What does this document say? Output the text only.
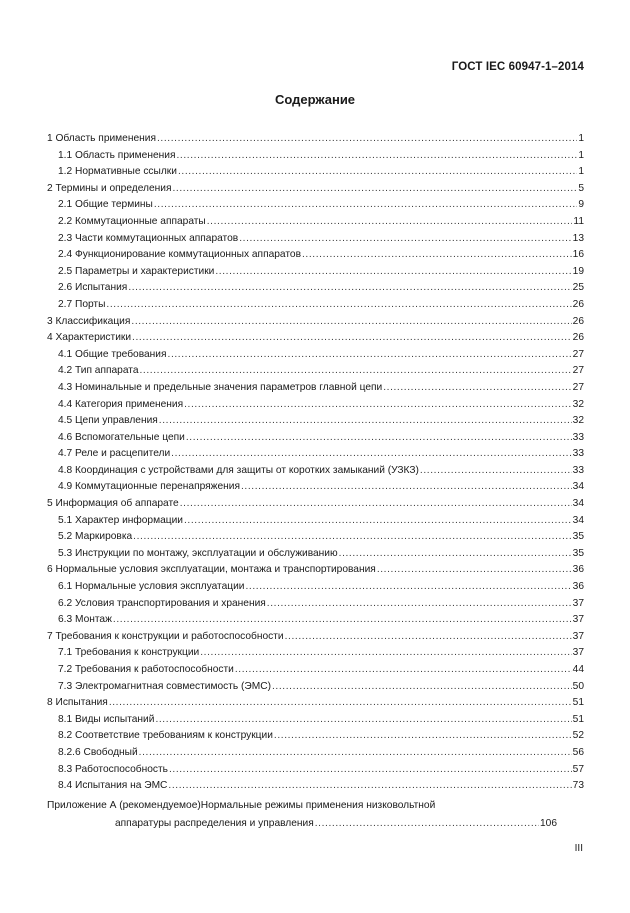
ГОСТ IEC 60947-1–2014
Содержание
1 Область применения .....	1
1.1 Область применения .....	1
1.2 Нормативные ссылки .....	1
2 Термины и определения .....	5
2.1 Общие термины .....	9
2.2 Коммутационные аппараты .....	11
2.3 Части коммутационных аппаратов .....	13
2.4 Функционирование коммутационных аппаратов .....	16
2.5 Параметры и характеристики .....	19
2.6 Испытания .....	25
2.7 Порты .....	26
3 Классификация .....	26
4 Характеристики .....	26
4.1 Общие требования .....	27
4.2 Тип аппарата .....	27
4.3 Номинальные и предельные значения параметров главной цепи .....	27
4.4 Категория применения .....	32
4.5 Цепи управления .....	32
4.6 Вспомогательные цепи .....	33
4.7 Реле и расцепители .....	33
4.8 Координация с устройствами для защиты от коротких замыканий (УЗКЗ) .....	33
4.9 Коммутационные перенапряжения .....	34
5 Информация об аппарате .....	34
5.1 Характер информации .....	34
5.2 Маркировка .....	35
5.3 Инструкции по монтажу, эксплуатации и обслуживанию .....	35
6 Нормальные условия эксплуатации, монтажа и транспортирования .....	36
6.1 Нормальные условия эксплуатации .....	36
6.2 Условия транспортирования и хранения .....	37
6.3 Монтаж .....	37
7 Требования к конструкции и работоспособности .....	37
7.1 Требования к конструкции .....	37
7.2 Требования к работоспособности .....	44
7.3 Электромагнитная совместимость (ЭМС) .....	50
8 Испытания .....	51
8.1 Виды испытаний .....	51
8.2 Соответствие требованиям к конструкции .....	52
8.2.6 Свободный .....	56
8.3 Работоспособность .....	57
8.4 Испытания на ЭМС .....	73
Приложение А (рекомендуемое)Нормальные режимы применения низковольтной
аппаратуры распределения и управления .....	106
III
